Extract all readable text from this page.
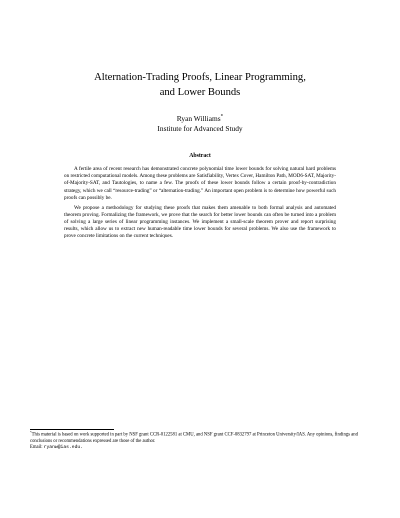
Alternation-Trading Proofs, Linear Programming,
and Lower Bounds
Ryan Williams*
Institute for Advanced Study
Abstract

A fertile area of recent research has demonstrated concrete polynomial time lower bounds for solving natural hard problems on restricted computational models. Among these problems are Satisfiability, Vertex Cover, Hamilton Path, MOD6-SAT, Majority-of-Majority-SAT, and Tautologies, to name a few. The proofs of these lower bounds follow a certain proof-by-contradiction strategy, which we call “resource-trading” or “alternation-trading.” An important open problem is to determine how powerful such proofs can possibly be.

We propose a methodology for studying these proofs that makes them amenable to both formal analysis and automated theorem proving. Formalizing the framework, we prove that the search for better lower bounds can often be turned into a problem of solving a large series of linear programming instances. We implement a small-scale theorem prover and report surprising results, which allow us to extract new human-readable time lower bounds for several problems. We also use the framework to prove concrete limitations on the current techniques.

*This material is based on work supported in part by NSF grant CCR-0122581 at CMU, and NSF grant CCF-0832797 at Princeton University/IAS. Any opinions, findings and conclusions or recommendations expressed are those of the author.
Email: ryanw@ias.edu.
